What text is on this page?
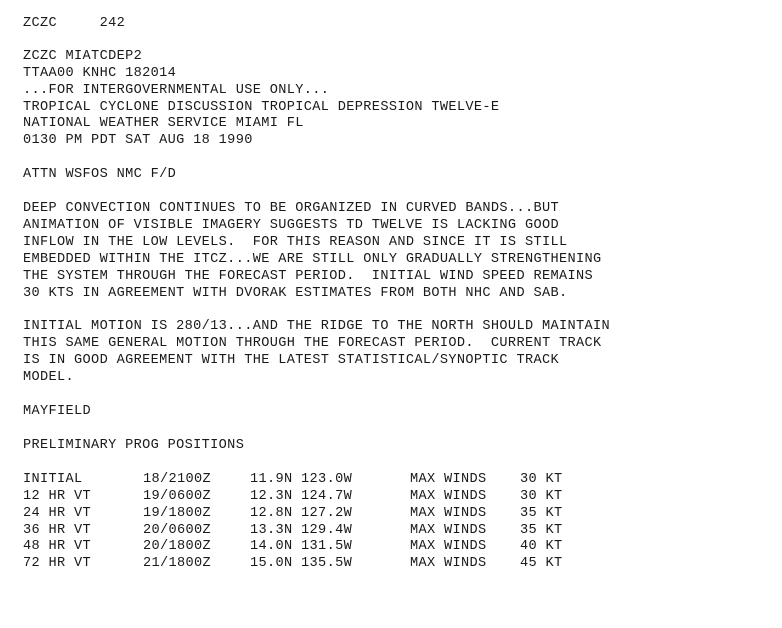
ZCZC     242
ZCZC MIATCDEP2
TTAA00 KNHC 182014
...FOR INTERGOVERNMENTAL USE ONLY...
TROPICAL CYCLONE DISCUSSION TROPICAL DEPRESSION TWELVE-E
NATIONAL WEATHER SERVICE MIAMI FL
0130 PM PDT SAT AUG 18 1990
ATTN WSFOS NMC F/D
DEEP CONVECTION CONTINUES TO BE ORGANIZED IN CURVED BANDS...BUT
ANIMATION OF VISIBLE IMAGERY SUGGESTS TD TWELVE IS LACKING GOOD
INFLOW IN THE LOW LEVELS.  FOR THIS REASON AND SINCE IT IS STILL
EMBEDDED WITHIN THE ITCZ...WE ARE STILL ONLY GRADUALLY STRENGTHENING
THE SYSTEM THROUGH THE FORECAST PERIOD.  INITIAL WIND SPEED REMAINS
30 KTS IN AGREEMENT WITH DVORAK ESTIMATES FROM BOTH NHC AND SAB.
INITIAL MOTION IS 280/13...AND THE RIDGE TO THE NORTH SHOULD MAINTAIN
THIS SAME GENERAL MOTION THROUGH THE FORECAST PERIOD.  CURRENT TRACK
IS IN GOOD AGREEMENT WITH THE LATEST STATISTICAL/SYNOPTIC TRACK
MODEL.
MAYFIELD
PRELIMINARY PROG POSITIONS
INITIAL	18/2100Z	11.9N 123.0W	MAX WINDS	30 KT
12 HR VT	19/0600Z	12.3N 124.7W	MAX WINDS	30 KT
24 HR VT	19/1800Z	12.8N 127.2W	MAX WINDS	35 KT
36 HR VT	20/0600Z	13.3N 129.4W	MAX WINDS	35 KT
48 HR VT	20/1800Z	14.0N 131.5W	MAX WINDS	40 KT
72 HR VT	21/1800Z	15.0N 135.5W	MAX WINDS	45 KT
